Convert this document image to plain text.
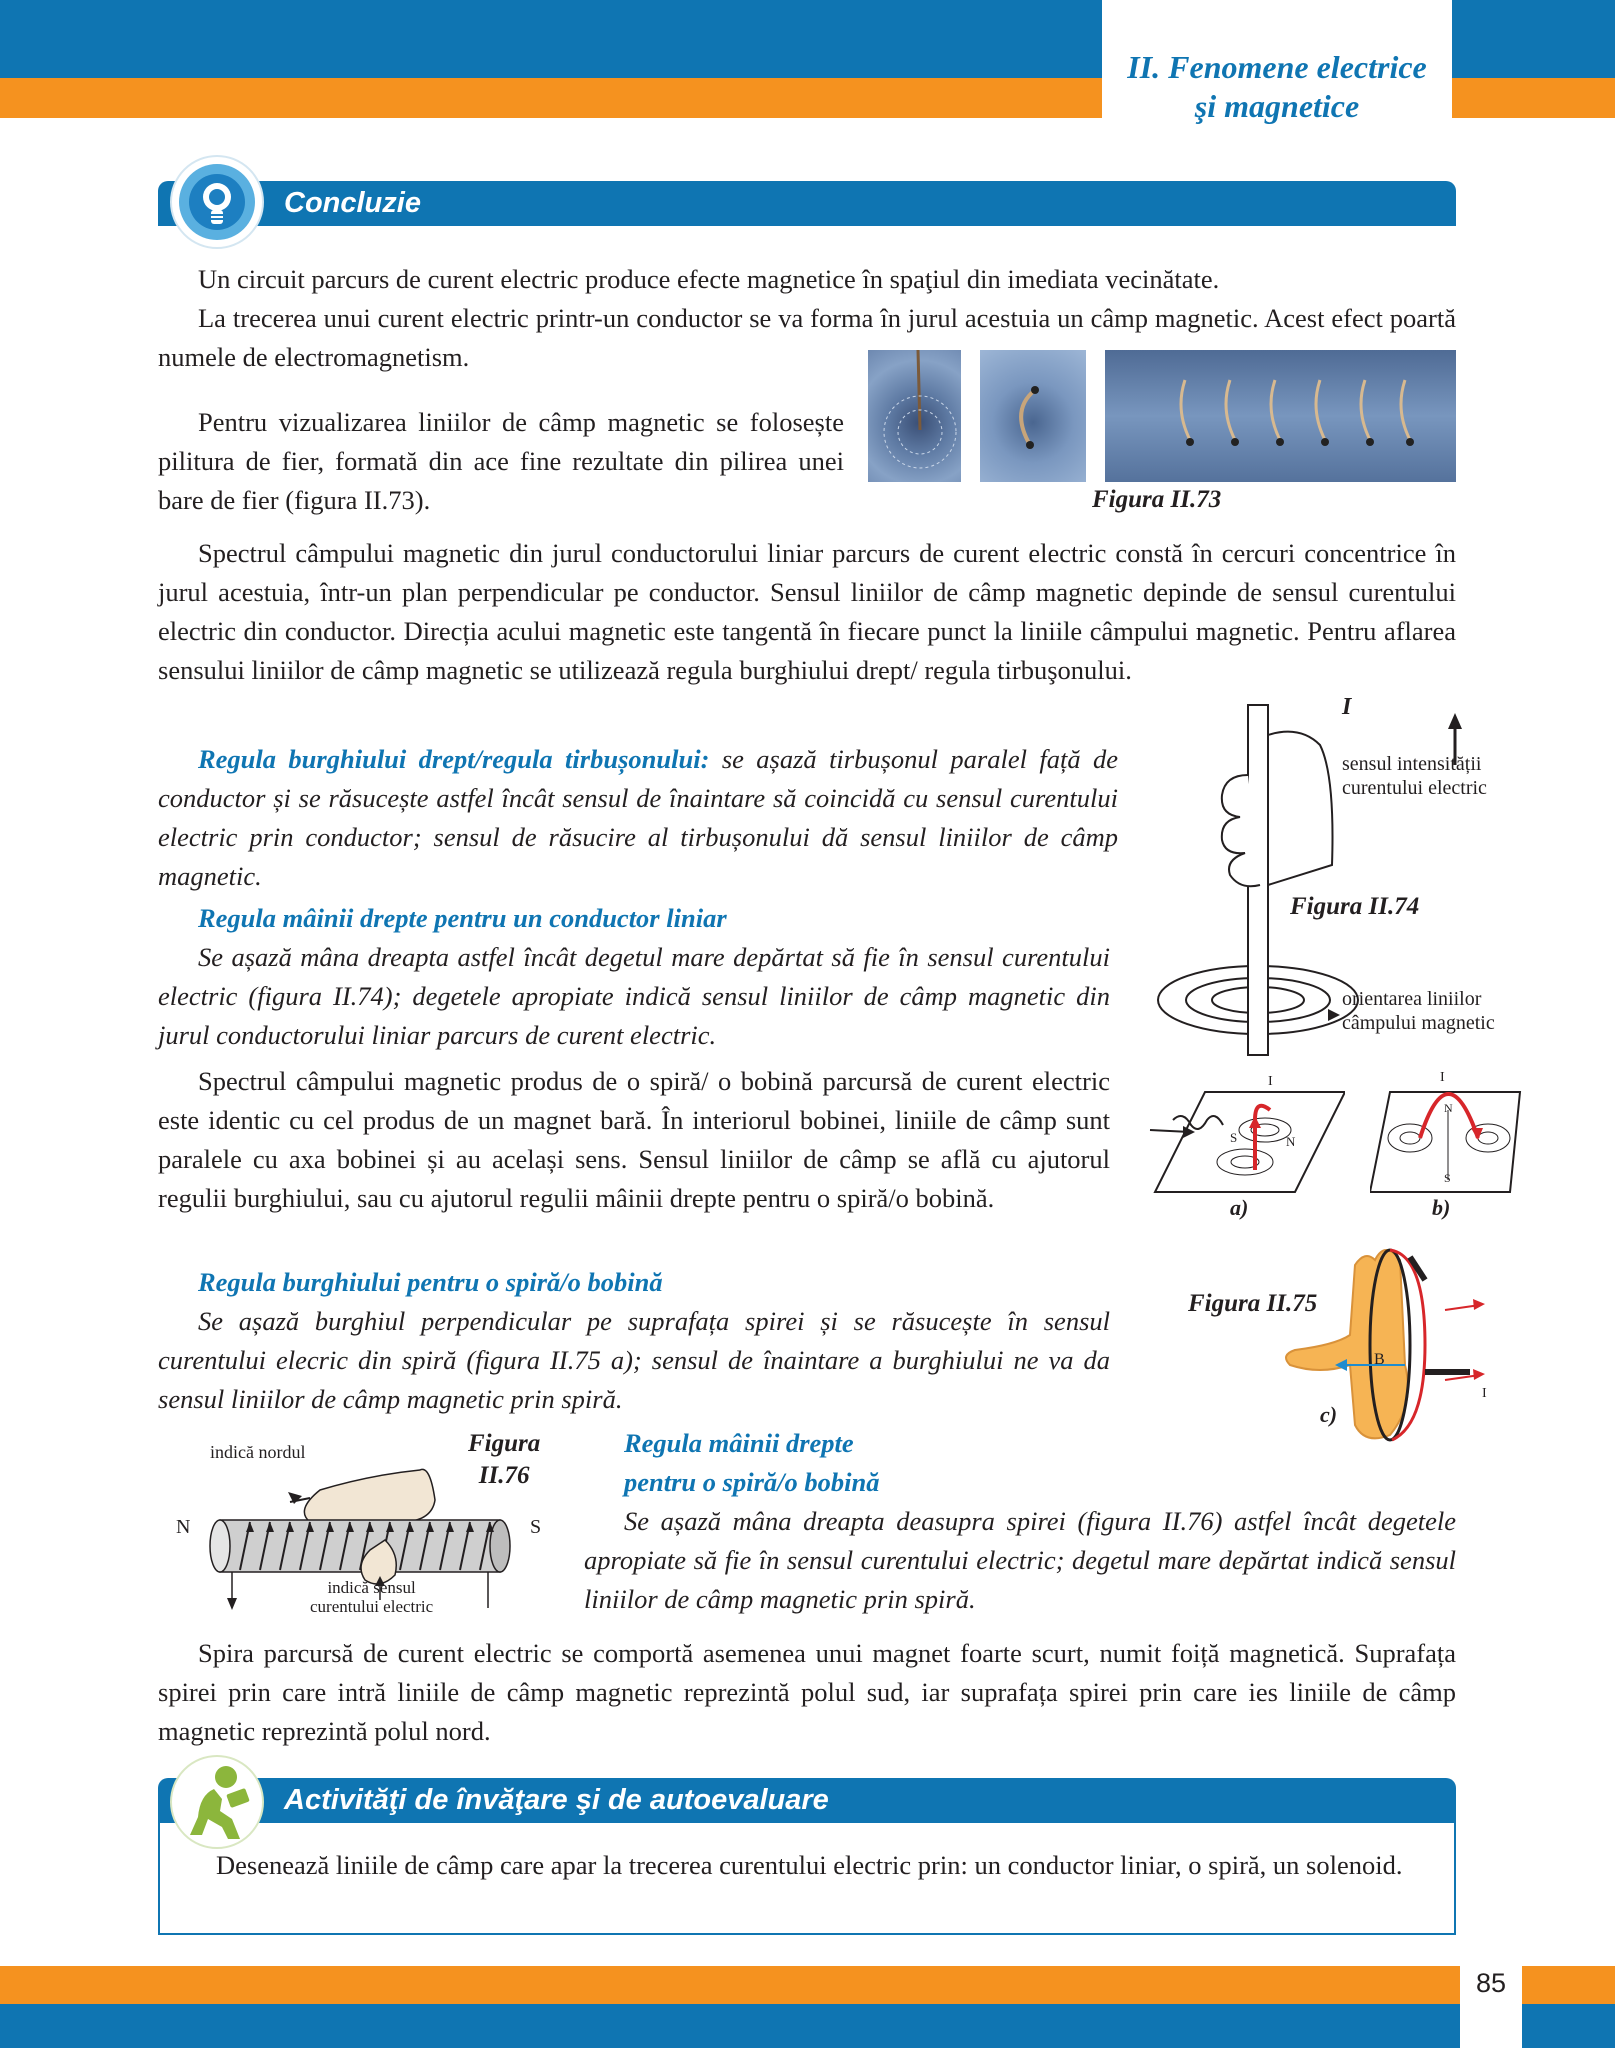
II. Fenomene electrice
şi magnetice
Concluzie

Un circuit parcurs de curent electric produce efecte magnetice în spaţiul din imediata vecinătate.

La trecerea unui curent electric printr-un conductor se va forma în jurul acestuia un câmp magnetic. Acest efect poartă numele de electromagnetism.

Pentru vizualizarea liniilor de câmp magnetic se folosește pilitura de fier, formată din ace fine rezultate din pilirea unei bare de fier (figura II.73).	Figura II.73
Spectrul câmpului magnetic din jurul conductorului liniar parcurs de curent electric constă în cercuri concentrice în jurul acestuia, într-un plan perpendicular pe conductor. Sensul liniilor de câmp magnetic depinde de sensul curentului electric din conductor. Direcția acului magnetic este tangentă în fiecare punct la liniile câmpului magnetic. Pentru aflarea sensului liniilor de câmp magnetic se utilizează regula burghiului drept/ regula tirbuşonului.
Regula burghiului drept/regula tirbușonului: se așază tirbușonul paralel față de conductor și se răsucește astfel încât sensul de înaintare să coincidă cu sensul curentului electric prin conductor; sensul de răsucire al tirbușonului dă sensul liniilor de câmp magnetic.
Regula mâinii drepte pentru un conductor liniar
Se așază mâna dreapta astfel încât degetul mare depărtat să fie în sensul curentului electric (figura II.74); degetele apropiate indică sensul liniilor de câmp magnetic din jurul conductorului liniar parcurs de curent electric.
Spectrul câmpului magnetic produs de o spiră/ o bobină parcursă de curent electric este identic cu cel produs de un magnet bară. În interiorul bobinei, liniile de câmp sunt paralele cu axa bobinei și au același sens. Sensul liniilor de câmp se află cu ajutorul regulii burghiului, sau cu ajutorul regulii mâinii drepte pentru o spiră/o bobină.
Regula burghiului pentru o spiră/o bobină
Se așază burghiul perpendicular pe suprafața spirei și se răsucește în sensul curentului elecric din spiră (figura II.75 a); sensul de înaintare a burghiului ne va da sensul liniilor de câmp magnetic prin spiră.
Regula mâinii drepte
pentru o spiră/o bobină
Se așază mâna dreapta deasupra spirei (figura II.76) astfel încât degetele apropiate să fie în sensul curentului electric; degetul mare depărtat indică sensul liniilor de câmp magnetic prin spiră.
Spira parcursă de curent electric se comportă asemenea unui magnet foarte scurt, numit foiță magnetică. Suprafața spirei prin care intră liniile de câmp magnetic reprezintă polul sud, iar suprafața spirei prin care ies liniile de câmp magnetic reprezintă polul nord.
I
sensul intensității
curentului electric
Figura II.74
orientarea liniilor
câmpului magnetic
I
S	N
a)
I
N
S
b)
Figura II.75
B
I
c)
indică nordul
N	S
indică sensul
curentului electric
Figura
II.76
Activităţi de învăţare şi de autoevaluare
Desenează liniile de câmp care apar la trecerea curentului electric prin: un conductor liniar, o spiră, un solenoid.
85
